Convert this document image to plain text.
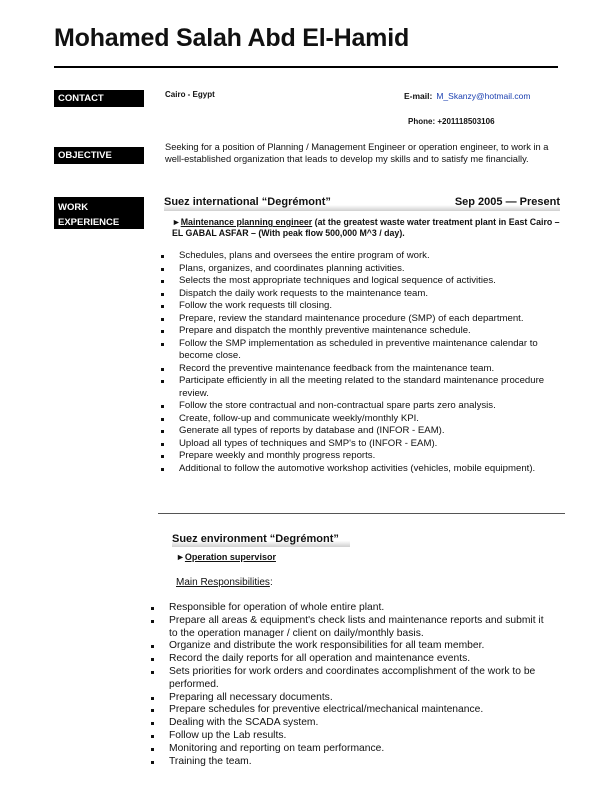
Mohamed Salah Abd El-Hamid
CONTACT	Cairo - Egypt	E-mail: M_Skanzy@hotmail.com
Phone: +201118503106
OBJECTIVE
Seeking for a position of Planning / Management Engineer or operation engineer, to work in a well-established organization that leads to develop my skills and to satisfy me financially.
WORK
EXPERIENCE
Suez international “Degrémont”	Sep 2005 — Present
►Maintenance planning engineer (at the greatest waste water treatment plant in East Cairo – EL GABAL ASFAR – (With peak flow 500,000 M^3 / day).
Schedules, plans and oversees the entire program of work.
Plans, organizes, and coordinates planning activities.
Selects the most appropriate techniques and logical sequence of activities.
Dispatch the daily work requests to the maintenance team.
Follow the work requests till closing.
Prepare, review the standard maintenance procedure (SMP) of each department.
Prepare and dispatch the monthly preventive maintenance schedule.
Follow the SMP implementation as scheduled in preventive maintenance calendar to become close.
Record the preventive maintenance feedback from the maintenance team.
Participate efficiently in all the meeting related to the standard maintenance procedure review.
Follow the store contractual and non-contractual spare parts zero analysis.
Create, follow-up and communicate weekly/monthly KPI.
Generate all types of reports by database and (INFOR - EAM).
Upload all types of techniques and SMP's to (INFOR - EAM).
Prepare weekly and monthly progress reports.
Additional to follow the automotive workshop activities (vehicles, mobile equipment).
Suez environment “Degrémont”
►Operation supervisor
Main Responsibilities:
Responsible for operation of whole entire plant.
Prepare all areas & equipment's check lists and maintenance reports and submit it to the operation manager / client on daily/monthly basis.
Organize and distribute the work responsibilities for all team member.
Record the daily reports for all operation and maintenance events.
Sets priorities for work orders and coordinates accomplishment of the work to be performed.
Preparing all necessary documents.
Prepare schedules for preventive electrical/mechanical maintenance.
Dealing with the SCADA system.
Follow up the Lab results.
Monitoring and reporting on team performance.
Training the team.
